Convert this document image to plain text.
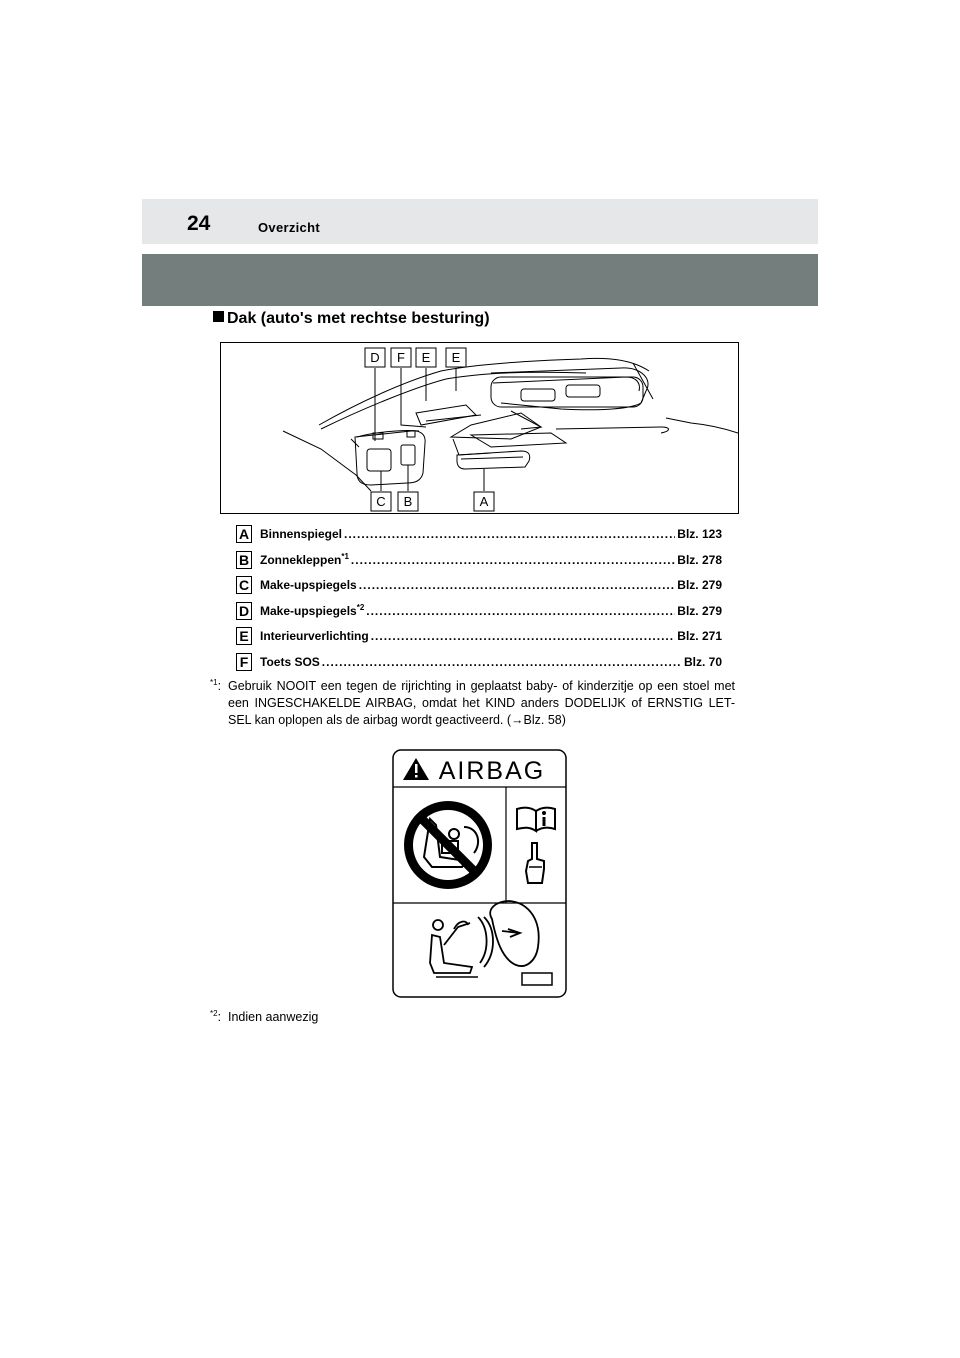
24	Overzicht
Dak (auto's met rechtse besturing)
D F E E
C B	A
A Binnenspiegel .....	Blz. 123
B Zonnekleppen$^{*1}$ .....	Blz. 278
C Make-upspiegels .....	Blz. 279
D Make-upspiegels$^{*2}$ .....	Blz. 279
E Interieurverlichting .....	Blz. 271
F Toets SOS .....	Blz. 70
$^{*1}$: Gebruik NOOIT een tegen de rijrichting in geplaatst baby- of kinderzitje op een stoel met een INGESCHAKELDE AIRBAG, omdat het KIND anders DODELIJK of ERNSTIG LET-SEL kan oplopen als de airbag wordt geactiveerd. (→Blz. 58)
AIRBAG
$^{*2}$: Indien aanwezig
